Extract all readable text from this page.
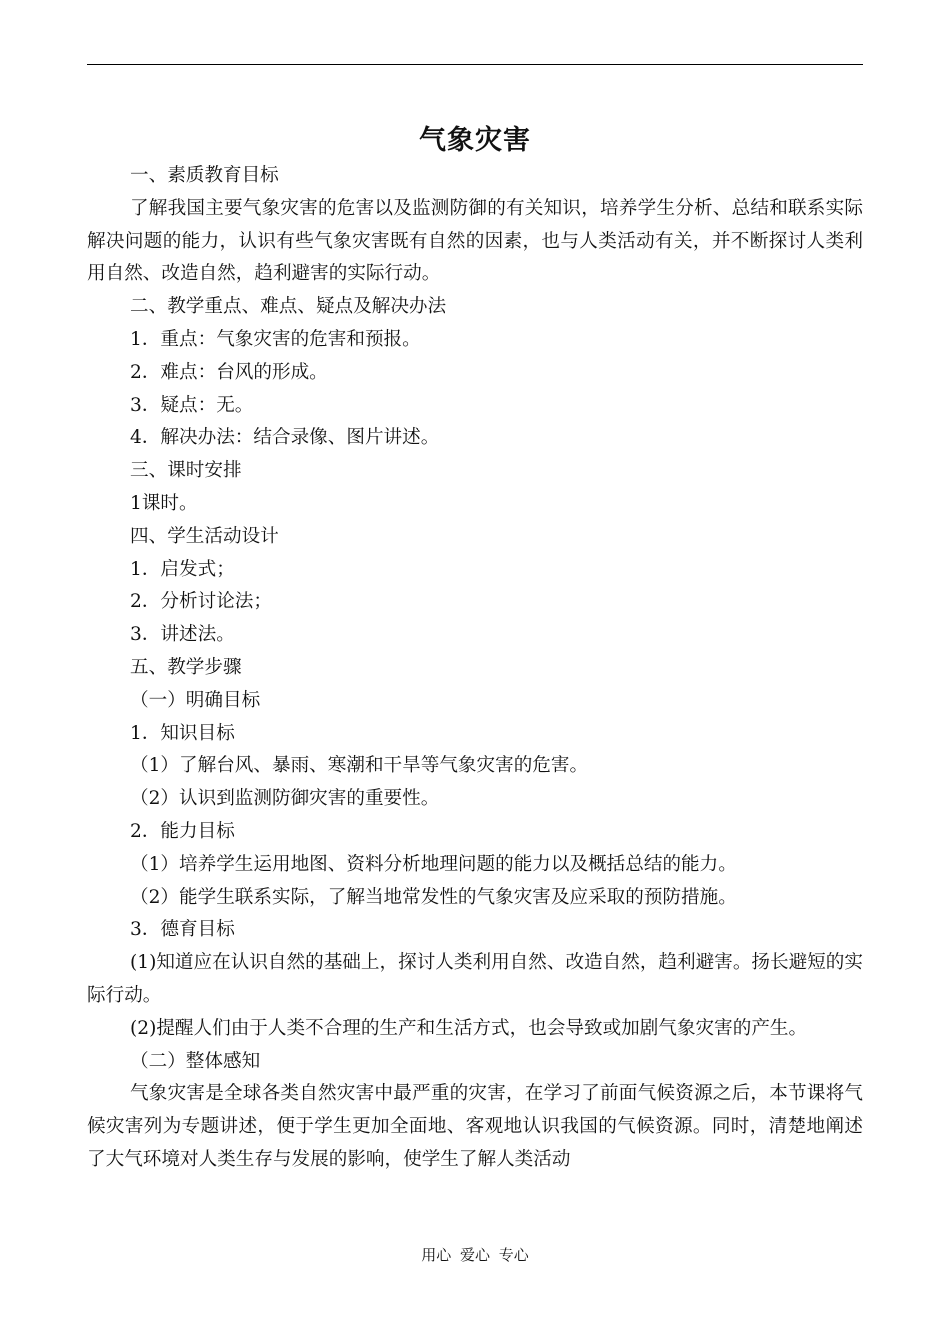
气象灾害

一、素质教育目标

了解我国主要气象灾害的危害以及监测防御的有关知识，培养学生分析、总结和联系实际解决问题的能力，认识有些气象灾害既有自然的因素，也与人类活动有关，并不断探讨人类利用自然、改造自然，趋利避害的实际行动。

二、教学重点、难点、疑点及解决办法

1．重点：气象灾害的危害和预报。

2．难点：台风的形成。

3．疑点：无。

4．解决办法：结合录像、图片讲述。

三、课时安排

1课时。

四、学生活动设计

1．启发式；

2．分析讨论法；

3．讲述法。

五、教学步骤

（一）明确目标

1．知识目标

（1）了解台风、暴雨、寒潮和干旱等气象灾害的危害。

（2）认识到监测防御灾害的重要性。

2．能力目标

（1）培养学生运用地图、资料分析地理问题的能力以及概括总结的能力。

（2）能学生联系实际，了解当地常发性的气象灾害及应采取的预防措施。

3．德育目标

(1)知道应在认识自然的基础上，探讨人类利用自然、改造自然，趋利避害。扬长避短的实际行动。

(2)提醒人们由于人类不合理的生产和生活方式，也会导致或加剧气象灾害的产生。

（二）整体感知

气象灾害是全球各类自然灾害中最严重的灾害，在学习了前面气候资源之后，本节课将气候灾害列为专题讲述，便于学生更加全面地、客观地认识我国的气候资源。同时，清楚地阐述了大气环境对人类生存与发展的影响，使学生了解人类活动

用心 爱心 专心
